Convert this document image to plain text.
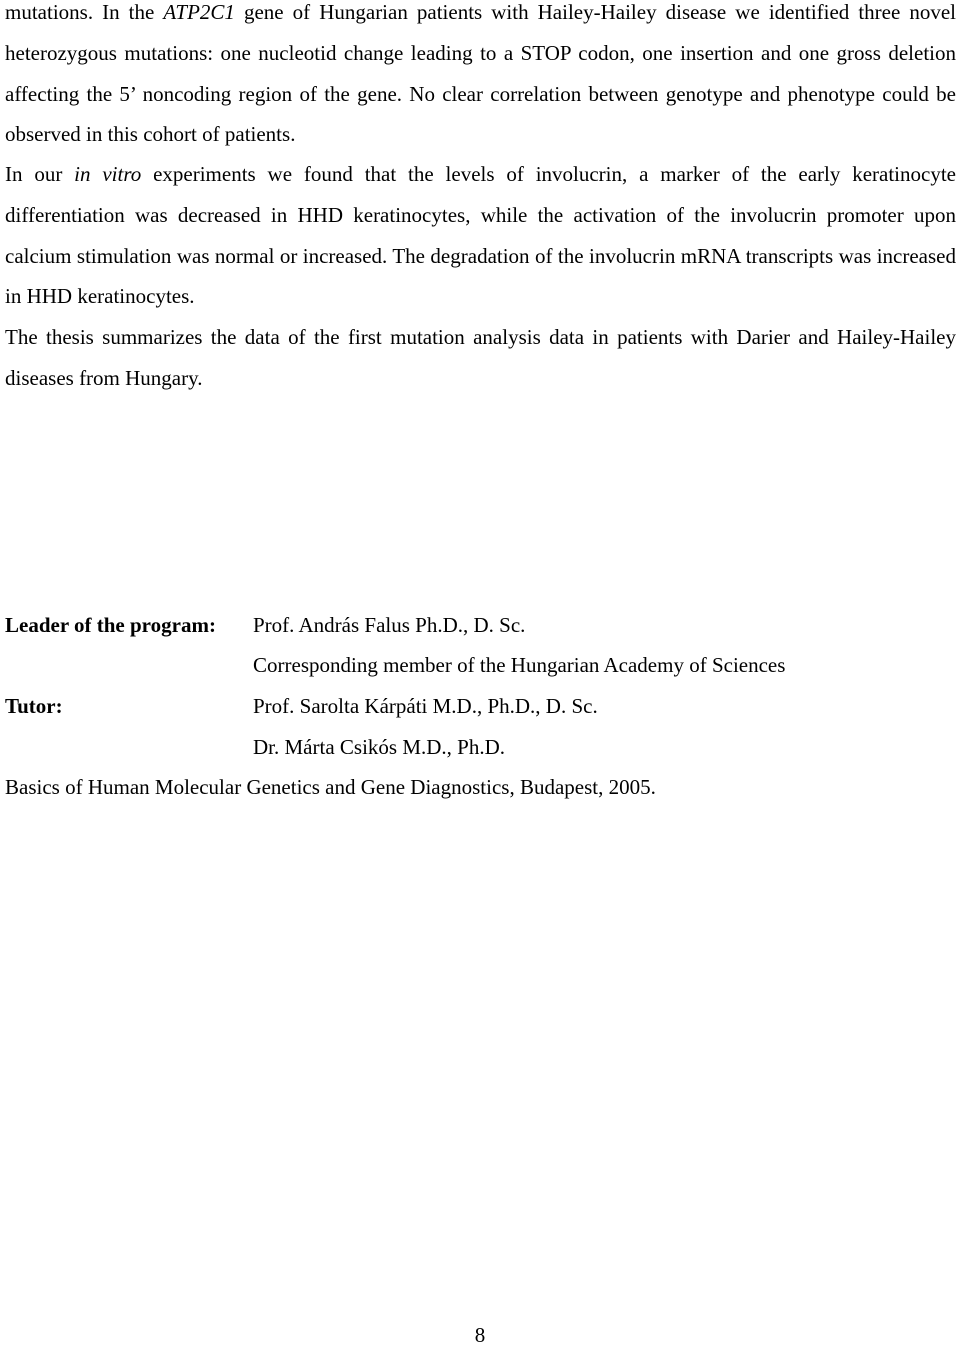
mutations. In the ATP2C1 gene of Hungarian patients with Hailey-Hailey disease we identified three novel heterozygous mutations: one nucleotid change leading to a STOP codon, one insertion and one gross deletion affecting the 5’ noncoding region of the gene. No clear correlation between genotype and phenotype could be observed in this cohort of patients.

In our in vitro experiments we found that the levels of involucrin, a marker of the early keratinocyte differentiation was decreased in HHD keratinocytes, while the activation of the involucrin promoter upon calcium stimulation was normal or increased. The degradation of the involucrin mRNA transcripts was increased in HHD keratinocytes.

The thesis summarizes the data of the first mutation analysis data in patients with Darier and Hailey-Hailey diseases from Hungary.

Leader of the program: Prof. András Falus Ph.D., D. Sc.
Corresponding member of the Hungarian Academy of Sciences
Tutor:	Prof. Sarolta Kárpáti M.D., Ph.D., D. Sc.
Dr. Márta Csikós M.D., Ph.D.
Basics of Human Molecular Genetics and Gene Diagnostics, Budapest, 2005.
8
